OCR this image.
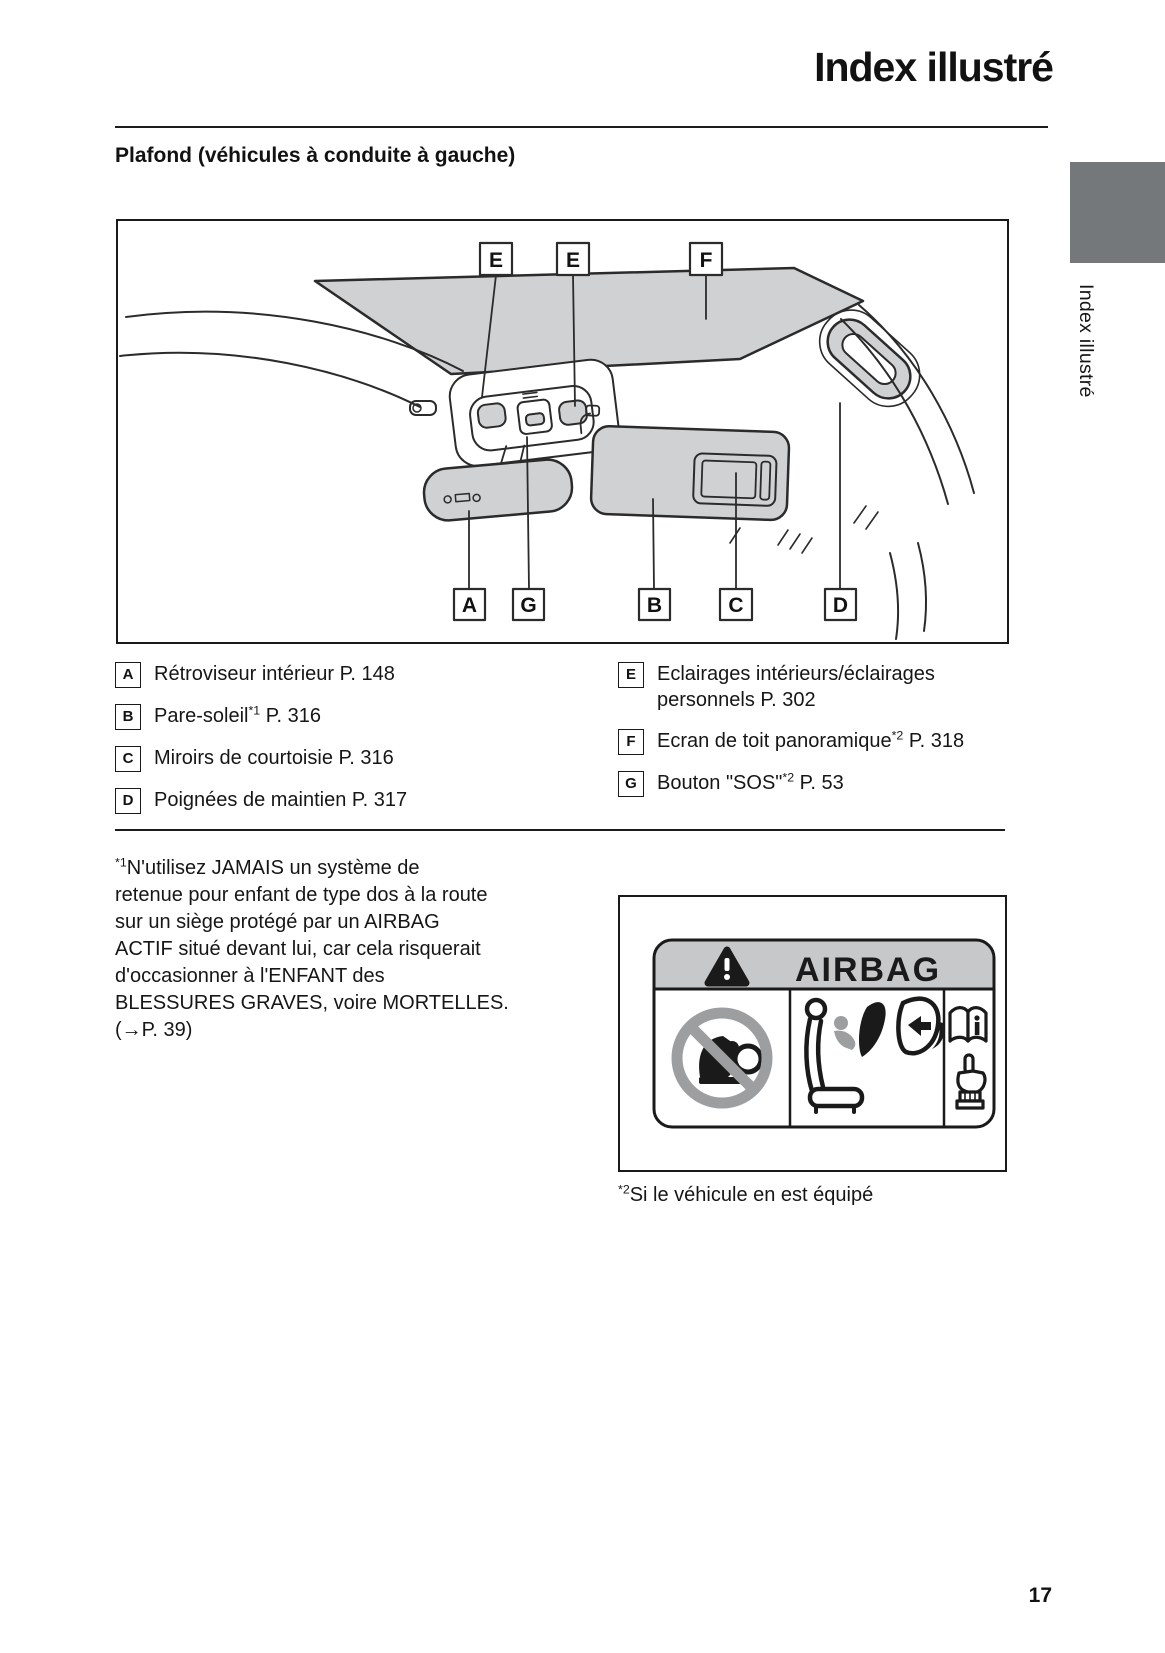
Index illustré
Plafond (véhicules à conduite à gauche)
Index illustré
E	E	F
A G	B	C	D
A	Rétroviseur intérieur P. 148
B	Pare-soleil$^{*1}$ P. 316
C	Miroirs de courtoisie P. 316
D	Poignées de maintien P. 317
E	Eclairages intérieurs/éclairages
personnels P. 302
F	Ecran de toit panoramique$^{*2}$ P. 318
G	Bouton "SOS"$^{*2}$ P. 53
$^{*1}$N'utilisez JAMAIS un système de
retenue pour enfant de type dos à la route
sur un siège protégé par un AIRBAG
ACTIF situé devant lui, car cela risquerait
d'occasionner à l'ENFANT des
BLESSURES GRAVES, voire MORTELLES.
(→P. 39)
AIRBAG
$^{*2}$Si le véhicule en est équipé
17
